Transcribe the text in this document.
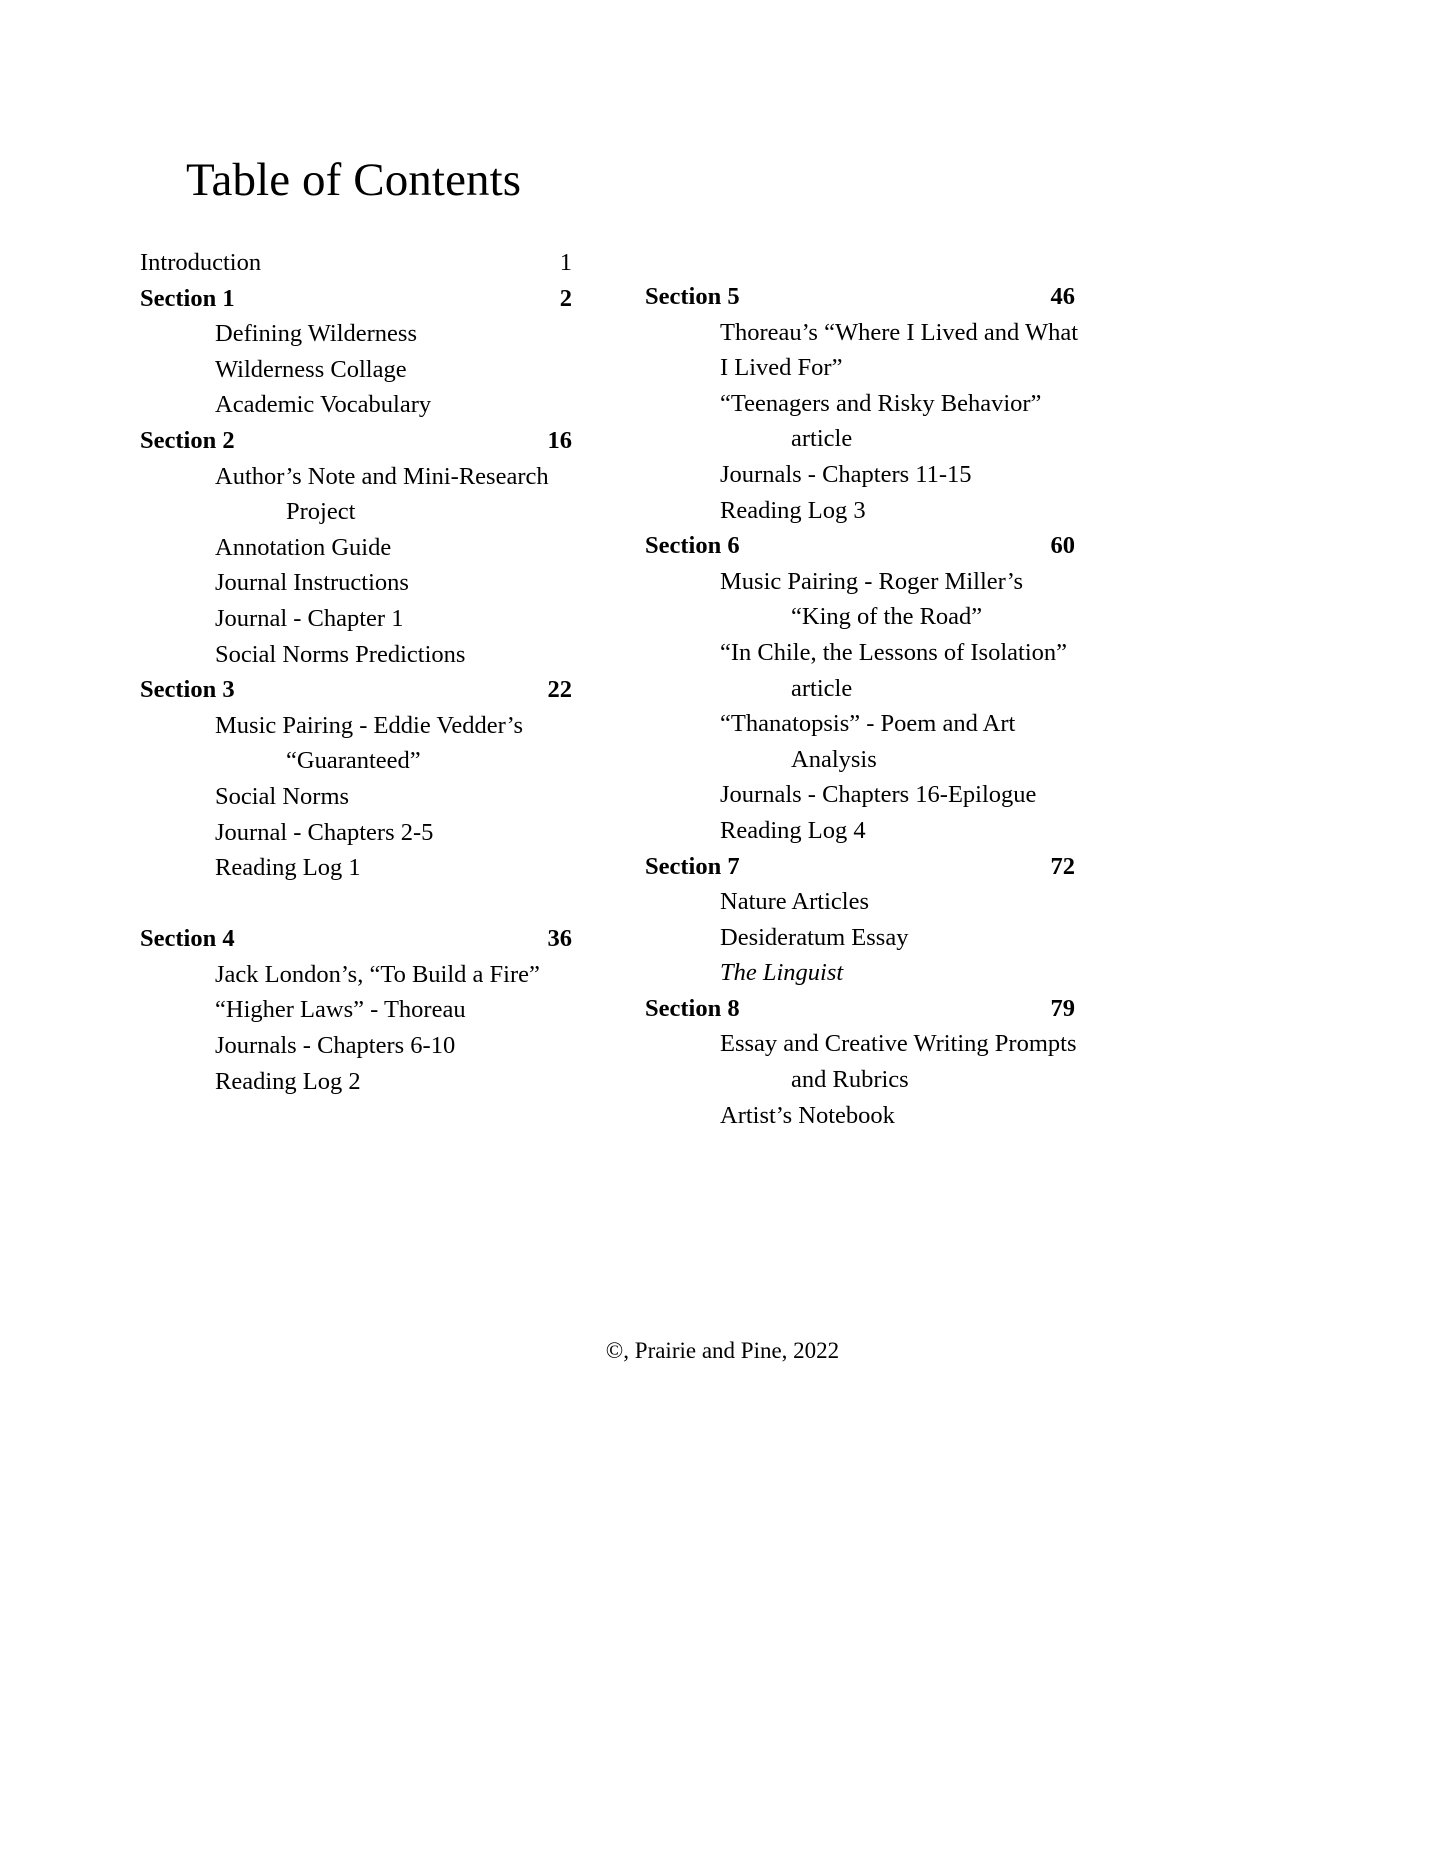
Table of Contents
Introduction	1
Section 1	2
Defining Wilderness
Wilderness Collage
Academic Vocabulary
Section 2	16
Author’s Note and Mini-Research
Project
Annotation Guide
Journal Instructions
Journal - Chapter 1
Social Norms Predictions
Section 3	22
Music Pairing - Eddie Vedder’s
“Guaranteed”
Social Norms
Journal - Chapters 2-5
Reading Log 1
Section 4	36
Jack London’s, “To Build a Fire”
“Higher Laws” - Thoreau
Journals - Chapters 6-10
Reading Log 2
Section 5	46
Thoreau’s “Where I Lived and What
I Lived For”
“Teenagers and Risky Behavior”
article
Journals - Chapters 11-15
Reading Log 3
Section 6	60
Music Pairing - Roger Miller’s
“King of the Road”
“In Chile, the Lessons of Isolation”
article
“Thanatopsis” - Poem and Art
Analysis
Journals - Chapters 16-Epilogue
Reading Log 4
Section 7	72
Nature Articles
Desideratum Essay
The Linguist
Section 8	79
Essay and Creative Writing Prompts
and Rubrics
Artist’s Notebook
©, Prairie and Pine, 2022
